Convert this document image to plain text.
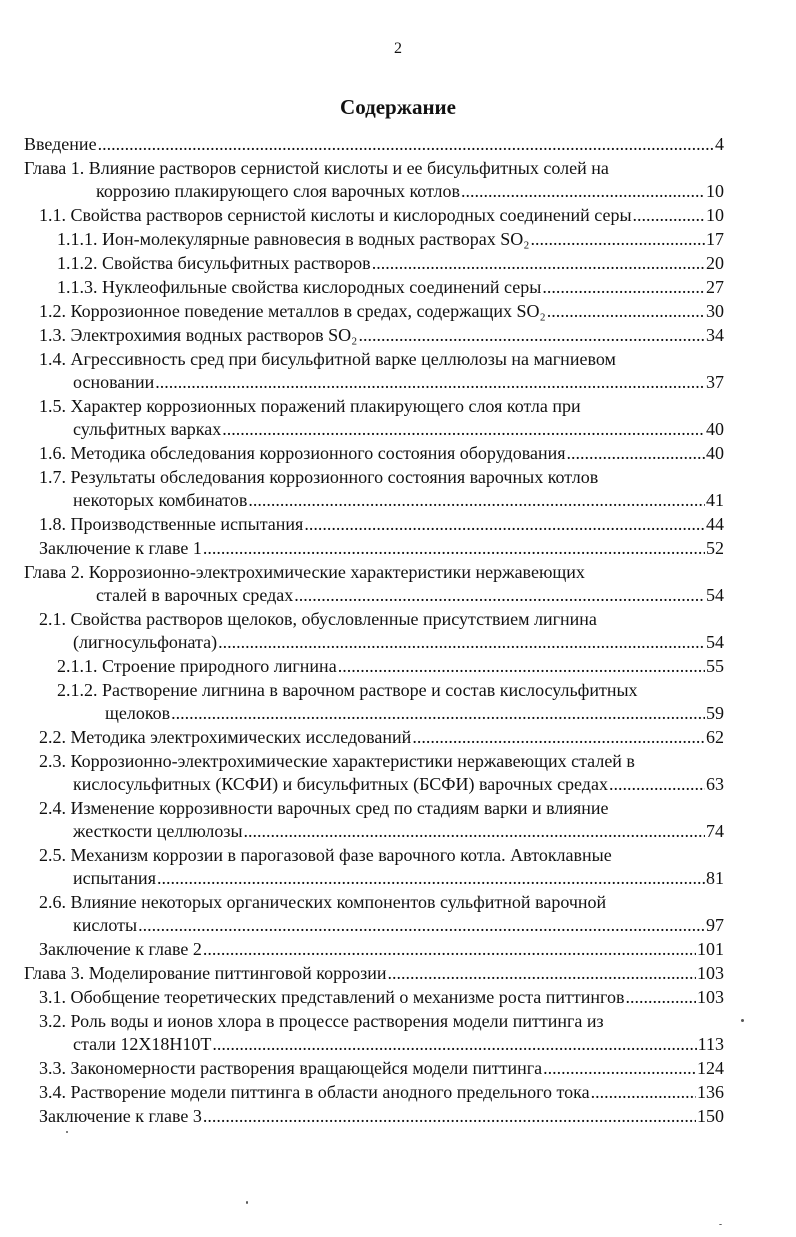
2
Содержание
Введение .....	4
Глава 1. Влияние растворов сернистой кислоты и ее бисульфитных солей на
коррозию плакирующего слоя варочных котлов .....	10
1.1. Свойства растворов сернистой кислоты и кислородных соединений серы .....	10
1.1.1. Ион-молекулярные равновесия в водных растворах SO₂ .....	17
1.1.2. Свойства бисульфитных растворов .....	20
1.1.3. Нуклеофильные свойства кислородных соединений серы .....	27
1.2. Коррозионное поведение металлов в средах, содержащих SO₂ .....	30
1.3. Электрохимия водных растворов SO₂ .....	34
1.4. Агрессивность сред при бисульфитной варке целлюлозы на магниевом
основании .....	37
1.5. Характер коррозионных поражений плакирующего слоя котла при
сульфитных варках .....	40
1.6. Методика обследования коррозионного состояния оборудования .....	40
1.7. Результаты обследования коррозионного состояния варочных котлов
некоторых комбинатов .....	41
1.8. Производственные испытания .....	44
Заключение к главе 1 .....	52
Глава 2. Коррозионно-электрохимические характеристики нержавеющих
сталей в варочных средах .....	54
2.1. Свойства растворов щелоков, обусловленные присутствием лигнина
(лигносульфоната) .....	54
2.1.1. Строение природного лигнина .....	55
2.1.2. Растворение лигнина в варочном растворе и состав кислосульфитных
щелоков .....	59
2.2. Методика электрохимических исследований .....	62
2.3. Коррозионно-электрохимические характеристики нержавеющих сталей в
кислосульфитных (КСФИ) и бисульфитных (БСФИ) варочных средах .....	63
2.4. Изменение коррозивности варочных сред по стадиям варки и влияние
жесткости целлюлозы .....	74
2.5. Механизм коррозии в парогазовой фазе варочного котла. Автоклавные
испытания .....	81
2.6. Влияние некоторых органических компонентов сульфитной варочной
кислоты .....	97
Заключение к главе 2 .....	101
Глава 3. Моделирование питтинговой коррозии .....	103
3.1. Обобщение теоретических представлений о механизме роста питтингов .....	103
3.2. Роль воды и ионов хлора в процессе растворения модели питтинга из
стали 12Х18Н10Т .....	113
3.3. Закономерности растворения вращающейся модели питтинга .....	124
3.4. Растворение модели питтинга в области анодного предельного тока .....	136
Заключение к главе 3 .....	150
